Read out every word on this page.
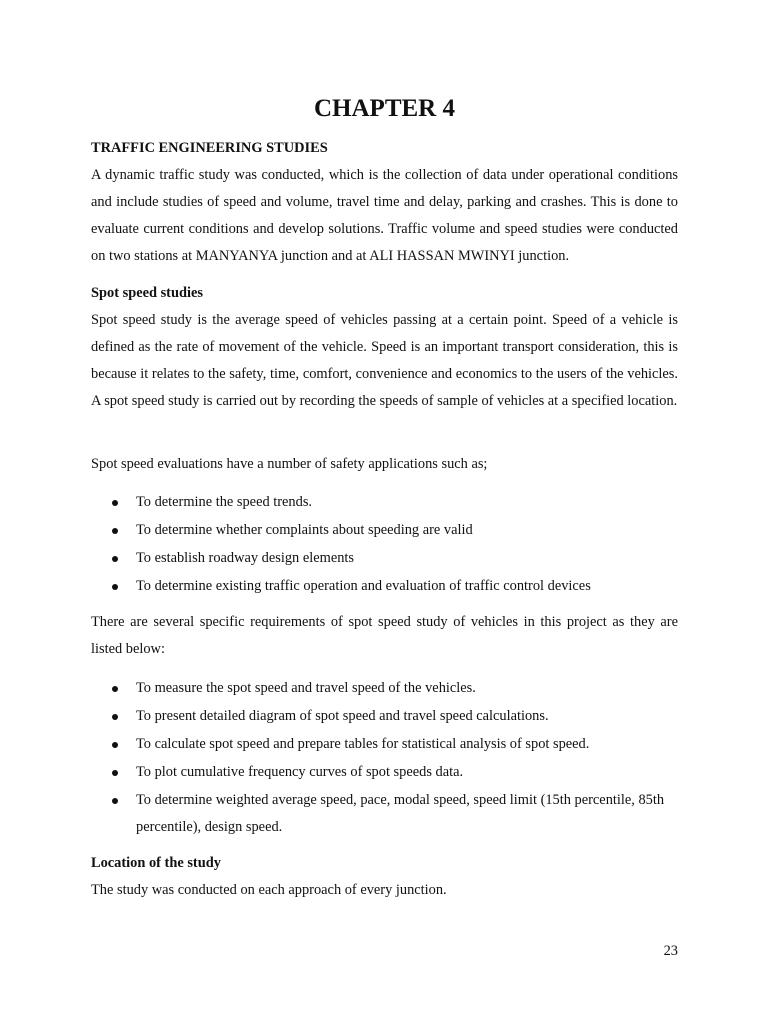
CHAPTER 4

TRAFFIC ENGINEERING STUDIES

A dynamic traffic study was conducted, which is the collection of data under operational conditions and include studies of speed and volume, travel time and delay, parking and crashes. This is done to evaluate current conditions and develop solutions. Traffic volume and speed studies were conducted on two stations at MANYANYA junction and at ALI HASSAN MWINYI junction.

Spot speed studies

Spot speed study is the average speed of vehicles passing at a certain point. Speed of a vehicle is defined as the rate of movement of the vehicle. Speed is an important transport consideration, this is because it relates to the safety, time, comfort, convenience and economics to the users of the vehicles. A spot speed study is carried out by recording the speeds of sample of vehicles at a specified location.

Spot speed evaluations have a number of safety applications such as;

To determine the speed trends.
To determine whether complaints about speeding are valid
To establish roadway design elements
To determine existing traffic operation and evaluation of traffic control devices

There are several specific requirements of spot speed study of vehicles in this project as they are listed below:

To measure the spot speed and travel speed of the vehicles.
To present detailed diagram of spot speed and travel speed calculations.
To calculate spot speed and prepare tables for statistical analysis of spot speed.
To plot cumulative frequency curves of spot speeds data.
To determine weighted average speed, pace, modal speed, speed limit (15th percentile, 85th percentile), design speed.

Location of the study

The study was conducted on each approach of every junction.

23
